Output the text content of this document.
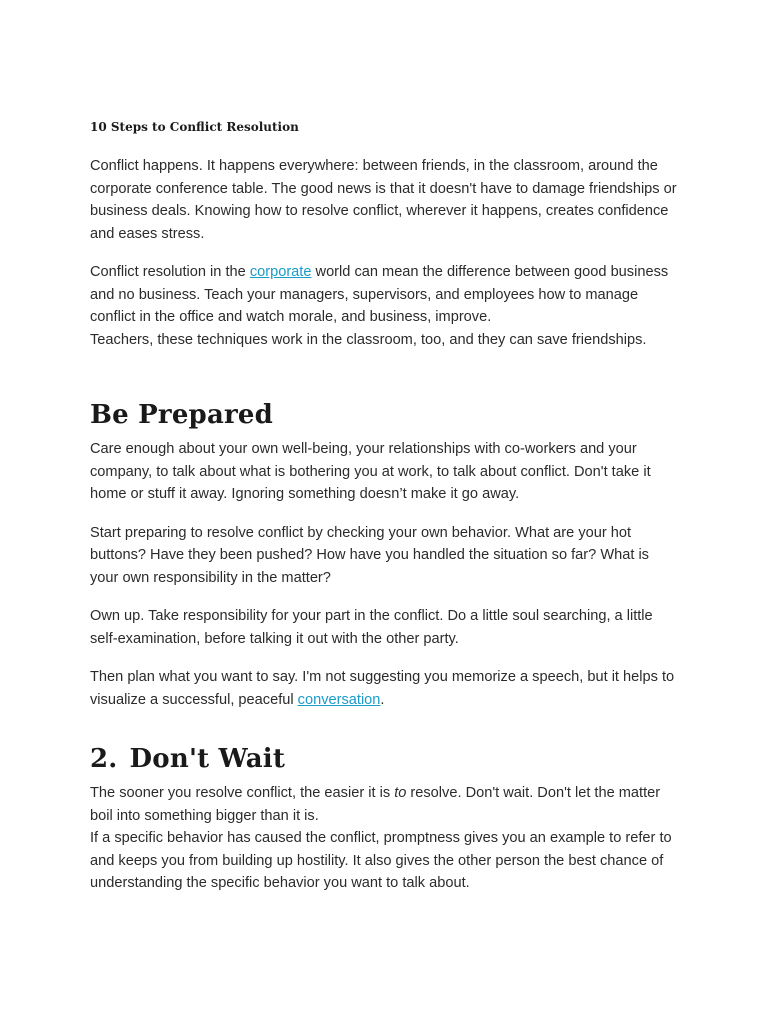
10 Steps to Conflict Resolution

Conflict happens. It happens everywhere: between friends, in the classroom, around the corporate conference table. The good news is that it doesn't have to damage friendships or business deals. Knowing how to resolve conflict, wherever it happens, creates confidence and eases stress.

Conflict resolution in the corporate world can mean the difference between good business and no business. Teach your managers, supervisors, and employees how to manage conflict in the office and watch morale, and business, improve.

Teachers, these techniques work in the classroom, too, and they can save friendships.

Be Prepared

Care enough about your own well-being, your relationships with co-workers and your company, to talk about what is bothering you at work, to talk about conflict. Don't take it home or stuff it away. Ignoring something doesn’t make it go away.

Start preparing to resolve conflict by checking your own behavior. What are your hot buttons? Have they been pushed? How have you handled the situation so far? What is your own responsibility in the matter?

Own up. Take responsibility for your part in the conflict. Do a little soul searching, a little self-examination, before talking it out with the other party.

Then plan what you want to say. I'm not suggesting you memorize a speech, but it helps to visualize a successful, peaceful conversation.

2. Don't Wait

The sooner you resolve conflict, the easier it is to resolve. Don't wait. Don't let the matter boil into something bigger than it is.

If a specific behavior has caused the conflict, promptness gives you an example to refer to and keeps you from building up hostility. It also gives the other person the best chance of understanding the specific behavior you want to talk about.
